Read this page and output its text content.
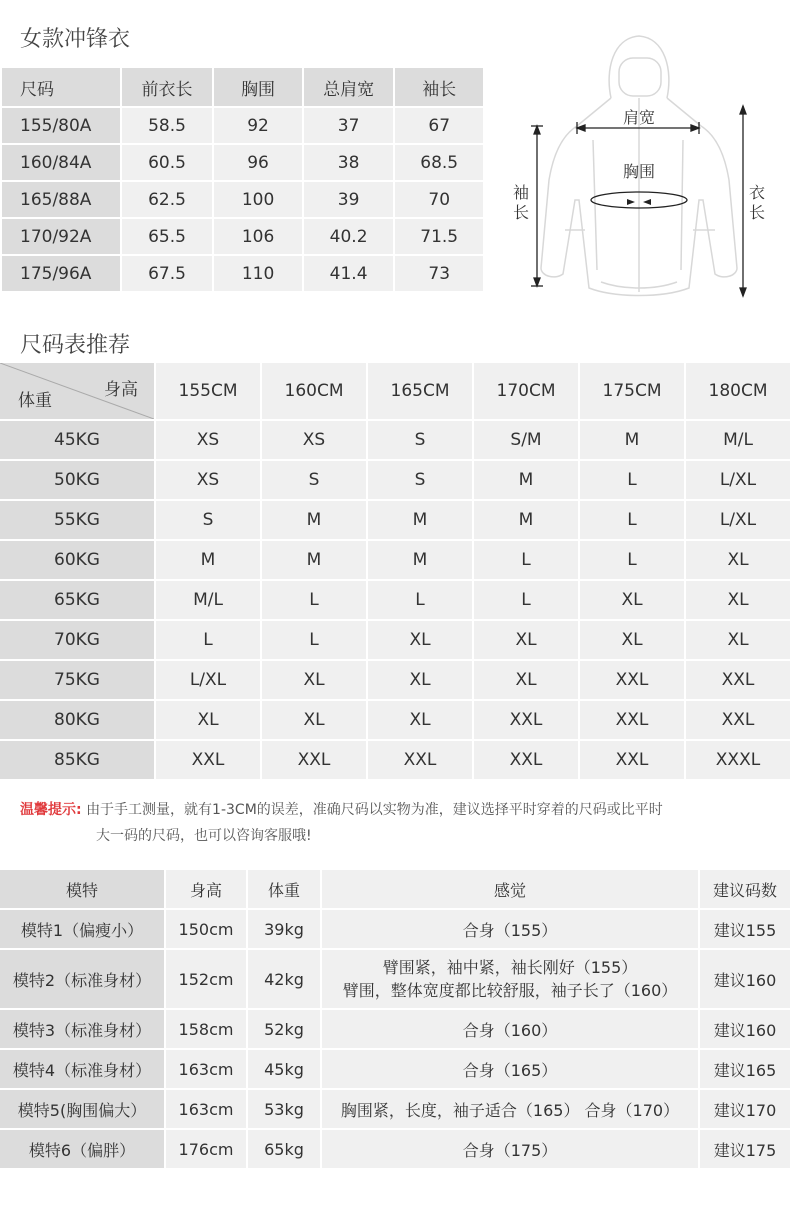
女款冲锋衣
尺码	前衣长	胸围	总肩宽	袖长
155/80A	58.5	92	37	67
160/84A	60.5	96	38	68.5
165/88A	62.5	100	39	70
170/92A	65.5	106	40.2	71.5
175/96A	67.5	110	41.4	73
肩宽
胸围
袖
长
衣
长
尺码表推荐
身高
体重	155CM	160CM	165CM	170CM	175CM	180CM
45KG	XS	XS	S	S/M	M	M/L
50KG	XS	S	S	M	L	L/XL
55KG	S	M	M	M	L	L/XL
60KG	M	M	M	L	L	XL
65KG	M/L	L	L	L	XL	XL
70KG	L	L	XL	XL	XL	XL
75KG	L/XL	XL	XL	XL	XXL	XXL
80KG	XL	XL	XL	XXL	XXL	XXL
85KG	XXL	XXL	XXL	XXL	XXL	XXXL
温馨提示: 由于手工测量，就有1-3CM的误差，准确尺码以实物为准，建议选择平时穿着的尺码或比平时
大一码的尺码，也可以咨询客服哦!
模特	身高	体重	感觉	建议码数
模特1（偏瘦小）	150cm	39kg	合身（155）	建议155
模特2（标准身材）	152cm	42kg	臂围紧，袖中紧，袖长刚好（155）
臂围，整体宽度都比较舒服，袖子长了（160）	建议160
模特3（标准身材）	158cm	52kg	合身（160）	建议160
模特4（标准身材）	163cm	45kg	合身（165）	建议165
模特5(胸围偏大）	163cm	53kg	胸围紧，长度，袖子适合（165） 合身（170）	建议170
模特6（偏胖）	176cm	65kg	合身（175）	建议175
